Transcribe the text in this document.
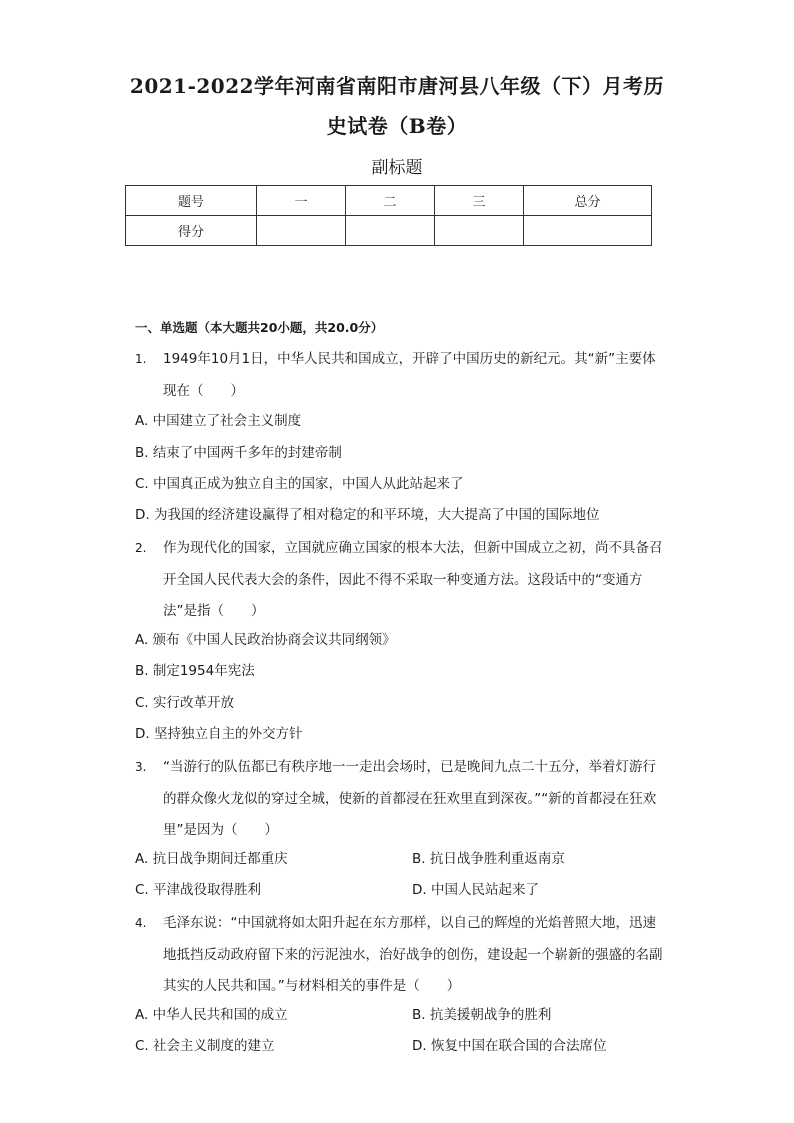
2021-2022学年河南省南阳市唐河县八年级（下）月考历
史试卷（B卷）
副标题
题号	一	二	三	总分
得分				
一、单选题（本大题共20小题，共20.0分）
1. 1949年10月1日，中华人民共和国成立，开辟了中国历史的新纪元。其“新”主要体现在（　　）
A. 中国建立了社会主义制度
B. 结束了中国两千多年的封建帝制
C. 中国真正成为独立自主的国家，中国人从此站起来了
D. 为我国的经济建设赢得了相对稳定的和平环境，大大提高了中国的国际地位
2. 作为现代化的国家，立国就应确立国家的根本大法，但新中国成立之初，尚不具备召开全国人民代表大会的条件，因此不得不采取一种变通方法。这段话中的“变通方法”是指（　　）
A. 颁布《中国人民政治协商会议共同纲领》
B. 制定1954年宪法
C. 实行改革开放
D. 坚持独立自主的外交方针
3. “当游行的队伍都已有秩序地一一走出会场时，已是晚间九点二十五分，举着灯游行的群众像火龙似的穿过全城，使新的首都浸在狂欢里直到深夜。”“新的首都浸在狂欢里”是因为（　　）
A. 抗日战争期间迁都重庆	B. 抗日战争胜利重返南京
C. 平津战役取得胜利	D. 中国人民站起来了
4. 毛泽东说：“中国就将如太阳升起在东方那样，以自己的辉煌的光焰普照大地，迅速地抵挡反动政府留下来的污泥浊水，治好战争的创伤，建设起一个崭新的强盛的名副其实的人民共和国。”与材料相关的事件是（　　）
A. 中华人民共和国的成立	B. 抗美援朝战争的胜利
C. 社会主义制度的建立	D. 恢复中国在联合国的合法席位
